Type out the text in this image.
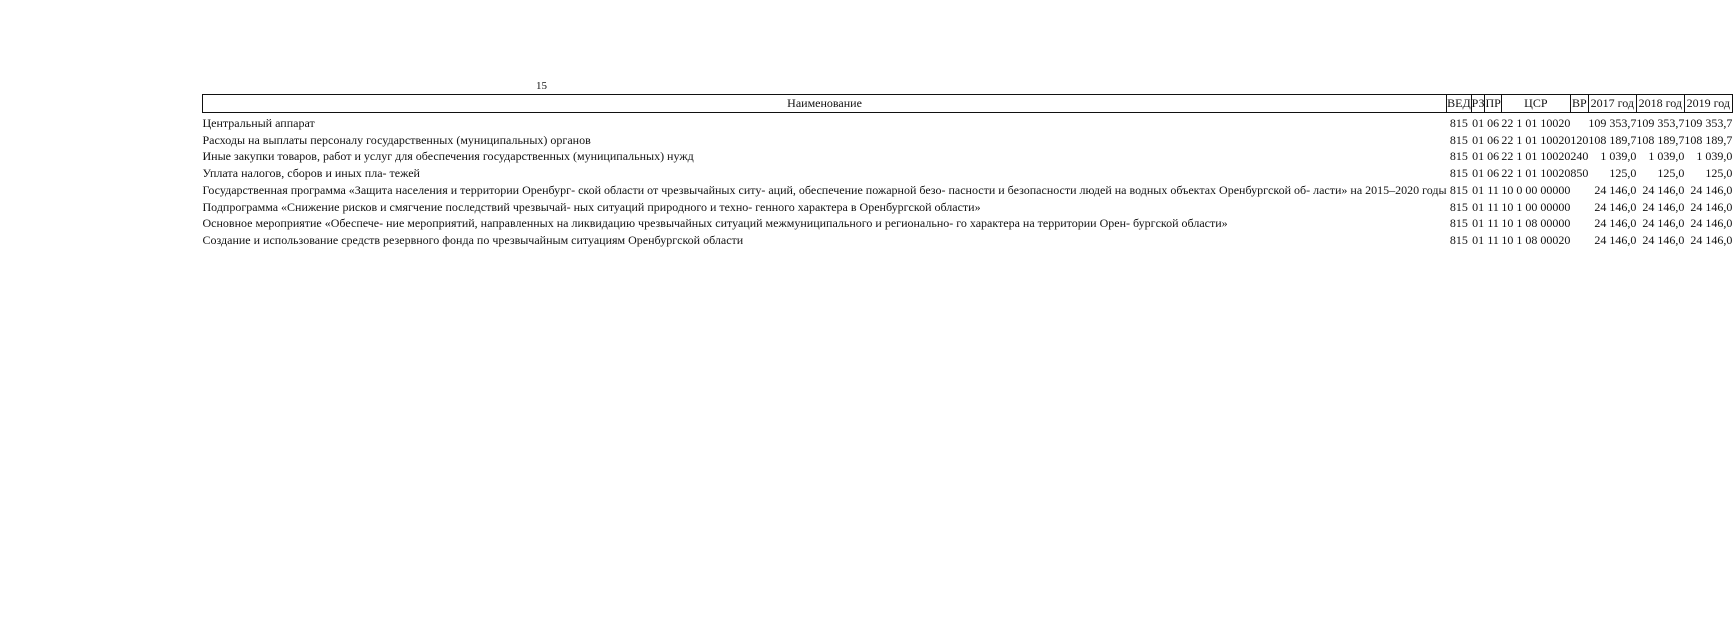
15
Наименование	ВЕД	РЗ	ПР	ЦСР	ВР	2017 год	2018 год	2019 год
Центральный аппарат	815	01	06	22 1 01 10020		109 353,7	109 353,7	109 353,7
Расходы на выплаты персоналу государственных (муниципальных) органов	815	01	06	22 1 01 10020	120	108 189,7	108 189,7	108 189,7
Иные закупки товаров, работ и услуг для обеспечения государственных (муниципальных) нужд	815	01	06	22 1 01 10020	240	1 039,0	1 039,0	1 039,0
Уплата налогов, сборов и иных пла- тежей	815	01	06	22 1 01 10020	850	125,0	125,0	125,0
Государственная программа «Защита населения и территории Оренбург- ской области от чрезвычайных ситу- аций, обеспечение пожарной безо- пасности и безопасности людей на водных объектах Оренбургской об- ласти» на 2015–2020 годы	815	01	11	10 0 00 00000		24 146,0	24 146,0	24 146,0
Подпрограмма «Снижение рисков и смягчение последствий чрезвычай- ных ситуаций природного и техно- генного характера в Оренбургской области»	815	01	11	10 1 00 00000		24 146,0	24 146,0	24 146,0
Основное мероприятие «Обеспече- ние мероприятий, направленных на ликвидацию чрезвычайных ситуаций межмуниципального и регионально- го характера на территории Орен- бургской области»	815	01	11	10 1 08 00000		24 146,0	24 146,0	24 146,0
Создание и использование средств резервного фонда по чрезвычайным ситуациям Оренбургской области	815	01	11	10 1 08 00020		24 146,0	24 146,0	24 146,0
